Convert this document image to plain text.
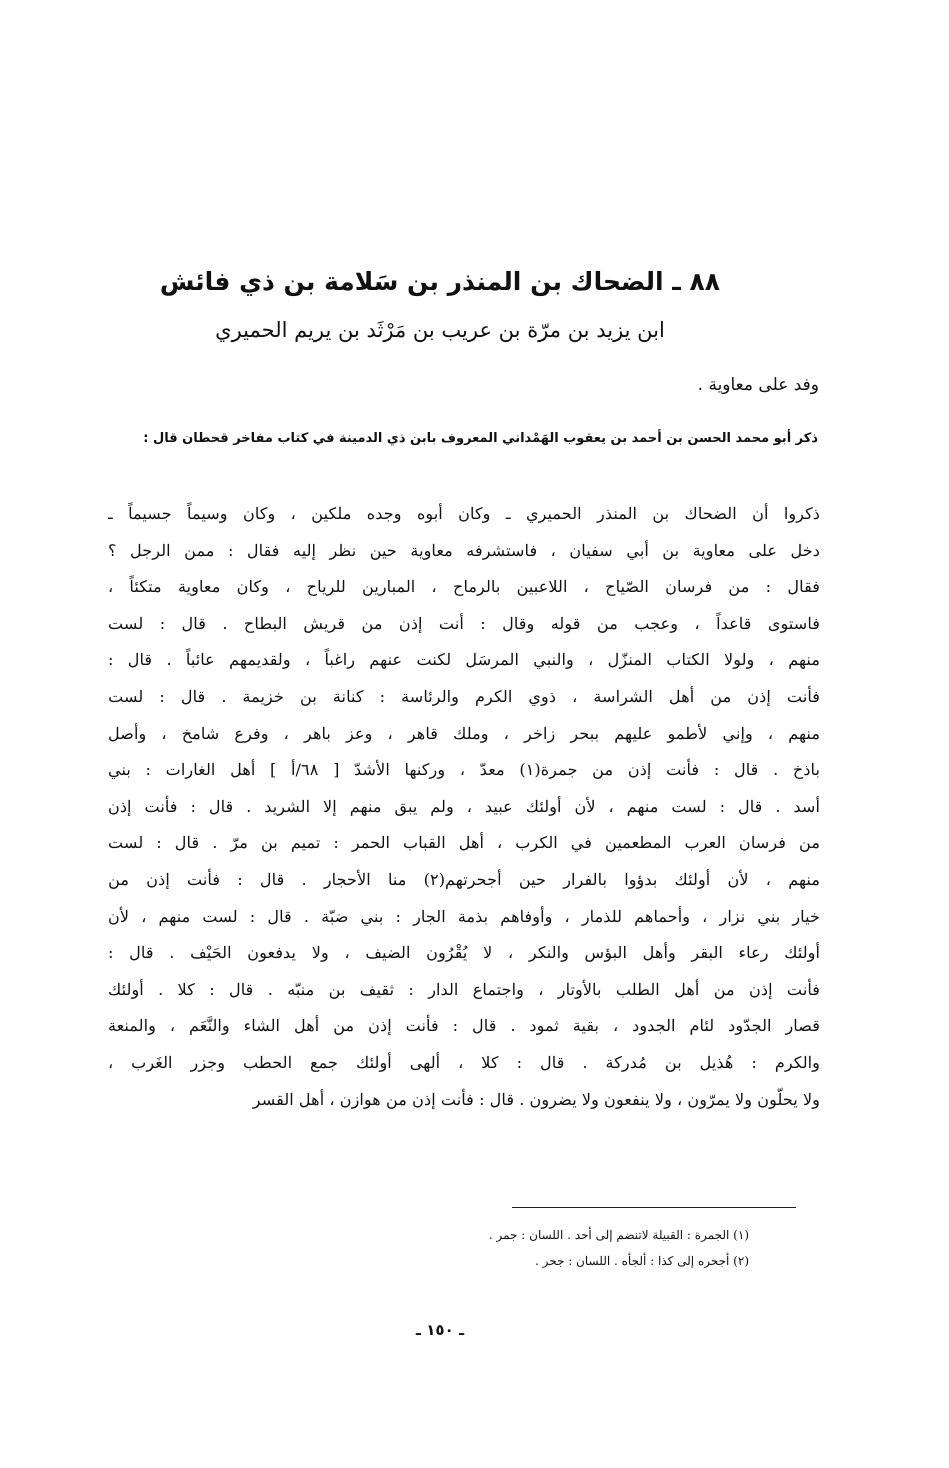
٨٨ ـ الضحاك بن المنذر بن سَلامة بن ذي فائش
ابن يزيد بن مرّة بن عريب بن مَرْثَد بن يريم الحميري
وفد على معاوية .
ذكر أبو محمد الحسن بن أحمد بن يعقوب الهَمْداني المعروف بابن ذي الدمينة في كتاب مفاخر قحطان قال :
ذكروا أن الضحاك بن المنذر الحميري ـ وكان أبوه وجده ملكين ، وكان وسيماً جسيماً ـ
دخل على معاوية بن أبي سفيان ، فاستشرفه معاوية حين نظر إليه فقال : ممن الرجل ؟
فقال : من فرسان الصّياح ، اللاعبين بالرماح ، المبارين للرياح ، وكان معاوية متكئاً ،
فاستوى قاعداً ، وعجب من قوله وقال : أنت إذن من قريش البطاح . قال : لست
منهم ، ولولا الكتاب المنزّل ، والنبي المرسَل لكنت عنهم راغباً ، ولقديمهم عائباً . قال :
فأنت إذن من أهل الشراسة ، ذوي الكرم والرئاسة : كنانة بن خزيمة . قال : لست
منهم ، وإني لأطمو عليهم ببحر زاخر ، وملك قاهر ، وعز باهر ، وفرع شامخ ، وأصل
باذخ . قال : فأنت إذن من جمرة(١) معدّ ، وركنها الأشدّ [ ٦٨/أ ] أهل الغارات : بني
أسد . قال : لست منهم ، لأن أولئك عبيد ، ولم يبق منهم إلا الشريد . قال : فأنت إذن
من فرسان العرب المطعمين في الكرب ، أهل القباب الحمر : تميم بن مرّ . قال : لست
منهم ، لأن أولئك بدؤوا بالفرار حين أجحرتهم(٢) منا الأحجار . قال : فأنت إذن من
خيار بني نزار ، وأحماهم للذمار ، وأوفاهم بذمة الجار : بني ضبّة . قال : لست منهم ، لأن
أولئك رعاء البقر وأهل البؤس والنكر ، لا يُقْرُون الضيف ، ولا يدفعون الحَيْف . قال :
فأنت إذن من أهل الطلب بالأوتار ، واجتماع الدار : ثقيف بن منبّه . قال : كلا . أولئك
قصار الجدّود لئام الجدود ، بقية ثمود . قال : فأنت إذن من أهل الشاء والنَّعَم ، والمنعة
والكرم : هُذيل بن مُدركة . قال : كلا ، ألهى أولئك جمع الحطب وجزر الغَرب ،
ولا يحلّون ولا يمرّون ، ولا ينفعون ولا يضرون . قال : فأنت إذن من هوازن ، أهل القسر
(١) الجمرة : القبيلة لاتنضم إلى أحد . اللسان : جمر .
(٢) أجحره إلى كذا : ألجأه . اللسان : جحر .
ـ ١٥٠ ـ
